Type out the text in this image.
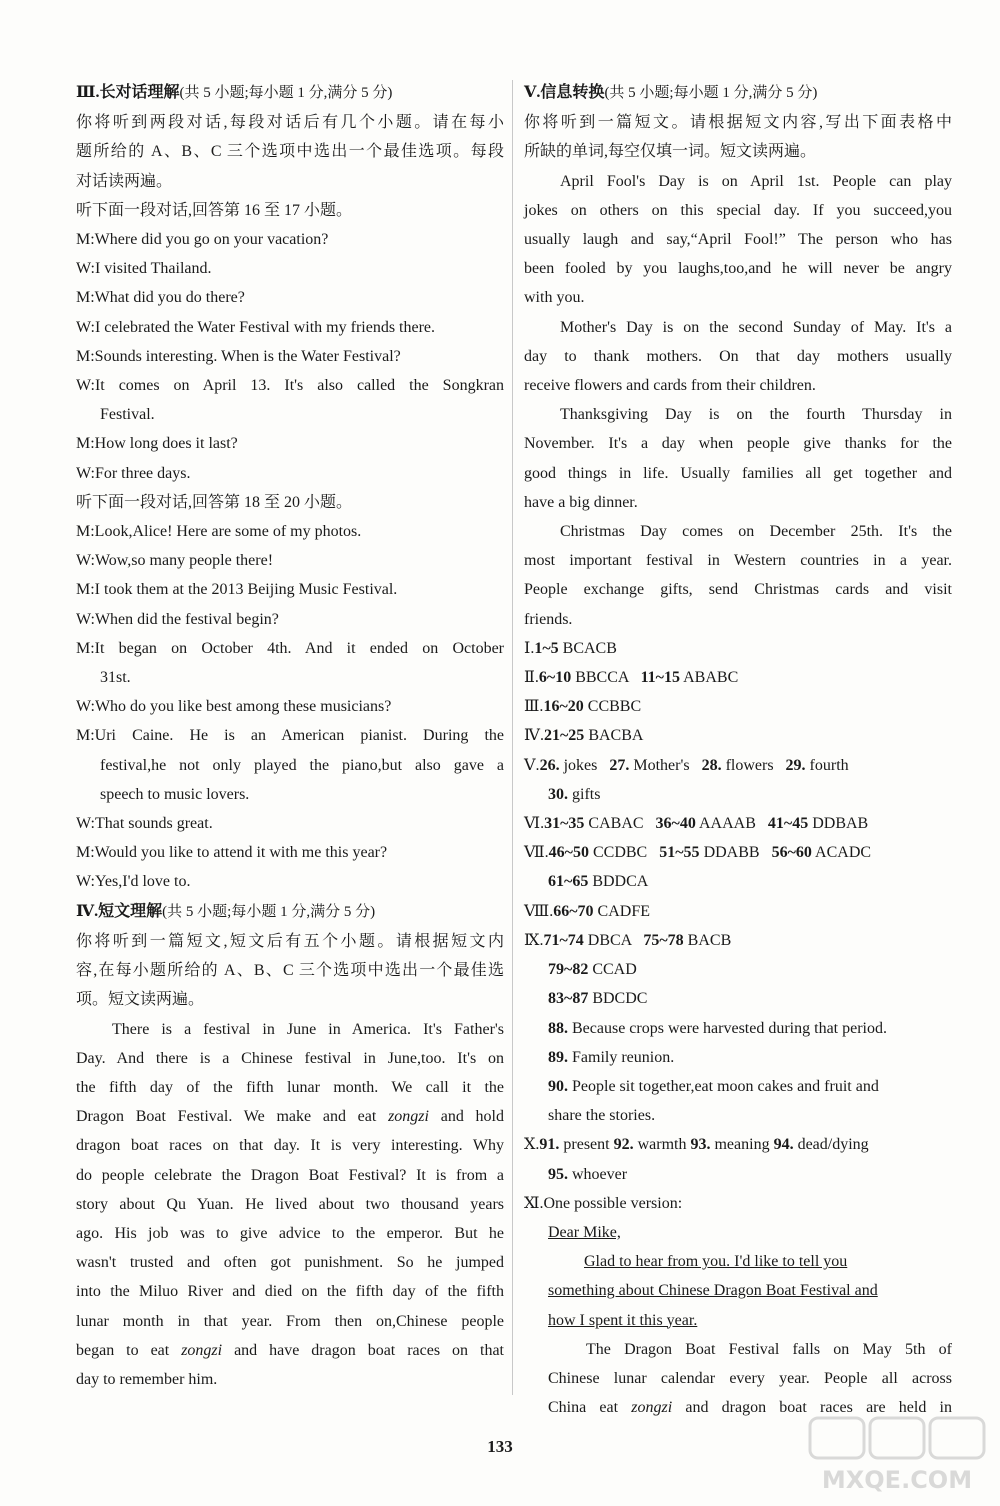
Ⅲ.长对话理解(共 5 小题;每小题 1 分,满分 5 分)
你将听到两段对话,每段对话后有几个小题。请在每小
题所给的 A、B、C 三个选项中选出一个最佳选项。每段
对话读两遍。
听下面一段对话,回答第 16 至 17 小题。
M:Where did you go on your vacation?
W:I visited Thailand.
M:What did you do there?
W:I celebrated the Water Festival with my friends there.
M:Sounds interesting. When is the Water Festival?
W:It comes on April 13. It's also called the Songkran
Festival.
M:How long does it last?
W:For three days.
听下面一段对话,回答第 18 至 20 小题。
M:Look,Alice! Here are some of my photos.
W:Wow,so many people there!
M:I took them at the 2013 Beijing Music Festival.
W:When did the festival begin?
M:It began on October 4th. And it ended on October
31st.
W:Who do you like best among these musicians?
M:Uri Caine. He is an American pianist. During the
festival,he not only played the piano,but also gave a
speech to music lovers.
W:That sounds great.
M:Would you like to attend it with me this year?
W:Yes,I'd love to.
Ⅳ.短文理解(共 5 小题;每小题 1 分,满分 5 分)
你将听到一篇短文,短文后有五个小题。请根据短文内
容,在每小题所给的 A、B、C 三个选项中选出一个最佳选
项。短文读两遍。
There is a festival in June in America. It's Father's
Day. And there is a Chinese festival in June,too. It's on
the fifth day of the fifth lunar month. We call it the
Dragon Boat Festival. We make and eat zongzi and hold
dragon boat races on that day. It is very interesting. Why
do people celebrate the Dragon Boat Festival? It is from a
story about Qu Yuan. He lived about two thousand years
ago. His job was to give advice to the emperor. But he
wasn't trusted and often got punishment. So he jumped
into the Miluo River and died on the fifth day of the fifth
lunar month in that year. From then on,Chinese people
began to eat zongzi and have dragon boat races on that
day to remember him.
Ⅴ.信息转换(共 5 小题;每小题 1 分,满分 5 分)
你将听到一篇短文。请根据短文内容,写出下面表格中
所缺的单词,每空仅填一词。短文读两遍。
April Fool's Day is on April 1st. People can play
jokes on others on this special day. If you succeed,you
usually laugh and say,“April Fool!” The person who has
been fooled by you laughs,too,and he will never be angry
with you.
Mother's Day is on the second Sunday of May. It's a
day to thank mothers. On that day mothers usually
receive flowers and cards from their children.
Thanksgiving Day is on the fourth Thursday in
November. It's a day when people give thanks for the
good things in life. Usually families all get together and
have a big dinner.
Christmas Day comes on December 25th. It's the
most important festival in Western countries in a year.
People exchange gifts, send Christmas cards and visit
friends.
Ⅰ.1~5 BCACB
Ⅱ.6~10 BBCCA 11~15 ABABC
Ⅲ.16~20 CCBBC
Ⅳ.21~25 BACBA
Ⅴ.26. jokes 27. Mother's 28. flowers 29. fourth
30. gifts
Ⅵ.31~35 CABAC 36~40 AAAAB 41~45 DDBAB
Ⅶ.46~50 CCDBC 51~55 DDABB 56~60 ACADC
61~65 BDDCA
Ⅷ.66~70 CADFE
Ⅸ.71~74 DBCA 75~78 BACB
79~82 CCAD
83~87 BDCDC
88. Because crops were harvested during that period.
89. Family reunion.
90. People sit together,eat moon cakes and fruit and
share the stories.
Ⅹ.91. present 92. warmth 93. meaning 94. dead/dying
95. whoever
Ⅺ.One possible version:
Dear Mike,
Glad to hear from you. I'd like to tell you
something about Chinese Dragon Boat Festival and
how I spent it this year.
The Dragon Boat Festival falls on May 5th of
Chinese lunar calendar every year. People all across
China eat zongzi and dragon boat races are held in
133
MXQE.COM
